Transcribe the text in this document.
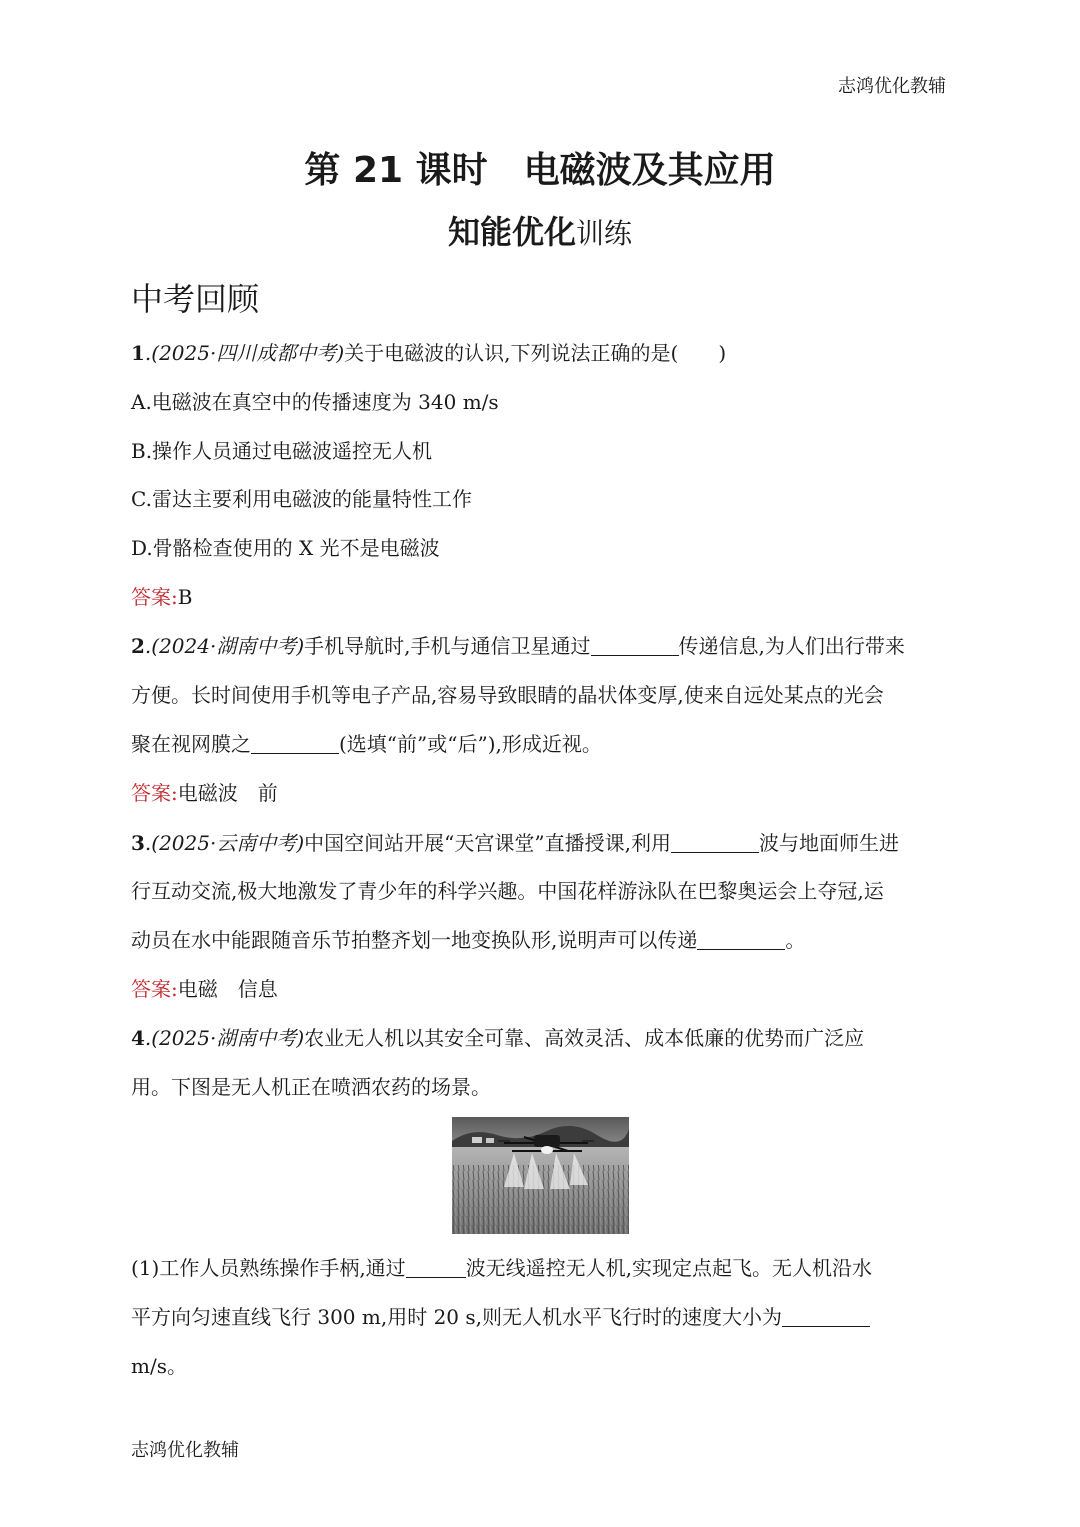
志鸿优化教辅
第 21 课时 电磁波及其应用
知能优化训练
中考回顾
1.(2025·四川成都中考)关于电磁波的认识,下列说法正确的是( )
A.电磁波在真空中的传播速度为 340 m/s
B.操作人员通过电磁波遥控无人机
C.雷达主要利用电磁波的能量特性工作
D.骨骼检查使用的 X 光不是电磁波
答案:B
2.(2024·湖南中考)手机导航时,手机与通信卫星通过	传递信息,为人们出行带来
方便。长时间使用手机等电子产品,容易导致眼睛的晶状体变厚,使来自远处某点的光会
聚在视网膜之	(选填“前”或“后”),形成近视。
答案:电磁波　前
3.(2025·云南中考)中国空间站开展“天宫课堂”直播授课,利用	波与地面师生进
行互动交流,极大地激发了青少年的科学兴趣。中国花样游泳队在巴黎奥运会上夺冠,运
动员在水中能跟随音乐节拍整齐划一地变换队形,说明声可以传递	。
答案:电磁　信息
4.(2025·湖南中考)农业无人机以其安全可靠、高效灵活、成本低廉的优势而广泛应
用。下图是无人机正在喷洒农药的场景。
(1)工作人员熟练操作手柄,通过	波无线遥控无人机,实现定点起飞。无人机沿水
平方向匀速直线飞行 300 m,用时 20 s,则无人机水平飞行时的速度大小为
m/s。
志鸿优化教辅
